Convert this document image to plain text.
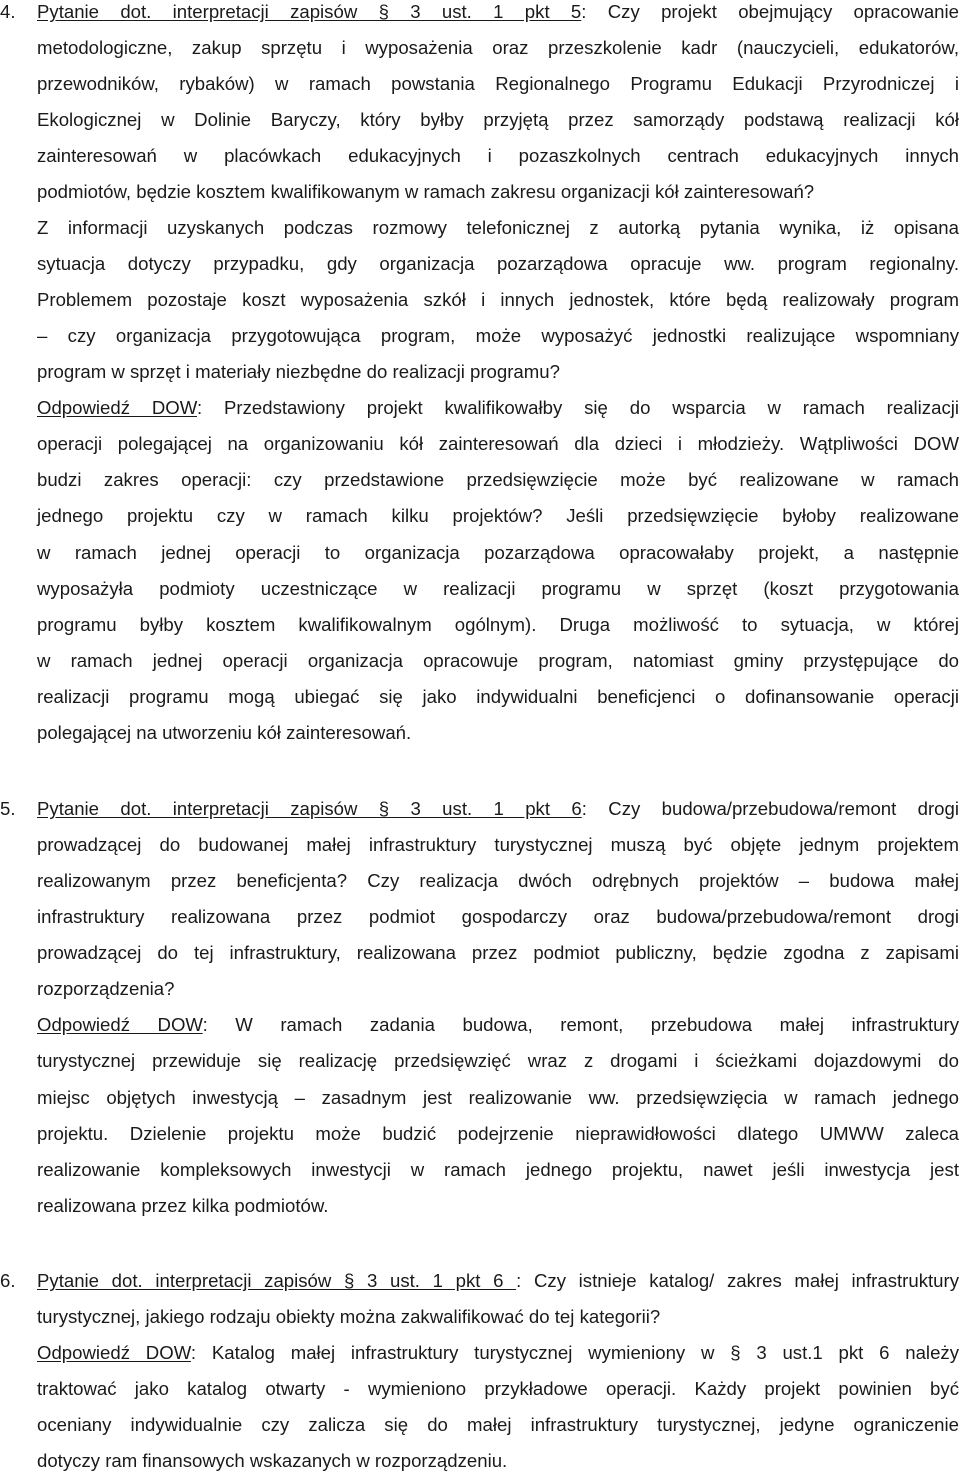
4.	Pytanie dot. interpretacji zapisów § 3 ust. 1 pkt 5: Czy projekt obejmujący opracowanie
metodologiczne, zakup sprzętu i wyposażenia oraz przeszkolenie kadr (nauczycieli, edukatorów,
przewodników, rybaków) w ramach powstania Regionalnego Programu Edukacji Przyrodniczej i
Ekologicznej w Dolinie Baryczy, który byłby przyjętą przez samorządy podstawą realizacji kół
zainteresowań w placówkach edukacyjnych i pozaszkolnych centrach edukacyjnych innych
podmiotów, będzie kosztem kwalifikowanym w ramach zakresu organizacji kół zainteresowań?
Z informacji uzyskanych podczas rozmowy telefonicznej z autorką pytania wynika, iż opisana
sytuacja dotyczy przypadku, gdy organizacja pozarządowa opracuje ww. program regionalny.
Problemem pozostaje koszt wyposażenia szkół i innych jednostek, które będą realizowały program
– czy organizacja przygotowująca program, może wyposażyć jednostki realizujące wspomniany
program w sprzęt i materiały niezbędne do realizacji programu?
Odpowiedź DOW: Przedstawiony projekt kwalifikowałby się do wsparcia w ramach realizacji
operacji polegającej na organizowaniu kół zainteresowań dla dzieci i młodzieży. Wątpliwości DOW
budzi zakres operacji: czy przedstawione przedsięwzięcie może być realizowane w ramach
jednego projektu czy w ramach kilku projektów? Jeśli przedsięwzięcie byłoby realizowane
w ramach jednej operacji to organizacja pozarządowa opracowałaby projekt, a następnie
wyposażyła podmioty uczestniczące w realizacji programu w sprzęt (koszt przygotowania
programu byłby kosztem kwalifikowalnym ogólnym). Druga możliwość to sytuacja, w której
w ramach jednej operacji organizacja opracowuje program, natomiast gminy przystępujące do
realizacji programu mogą ubiegać się jako indywidualni beneficjenci o dofinansowanie operacji
polegającej na utworzeniu kół zainteresowań.
5.	Pytanie dot. interpretacji zapisów § 3 ust. 1 pkt 6: Czy budowa/przebudowa/remont drogi
prowadzącej do budowanej małej infrastruktury turystycznej muszą być objęte jednym projektem
realizowanym przez beneficjenta? Czy realizacja dwóch odrębnych projektów – budowa małej
infrastruktury realizowana przez podmiot gospodarczy oraz budowa/przebudowa/remont drogi
prowadzącej do tej infrastruktury, realizowana przez podmiot publiczny, będzie zgodna z zapisami
rozporządzenia?
Odpowiedź DOW: W ramach zadania budowa, remont, przebudowa małej infrastruktury
turystycznej przewiduje się realizację przedsięwzięć wraz z drogami i ścieżkami dojazdowymi do
miejsc objętych inwestycją – zasadnym jest realizowanie ww. przedsięwzięcia w ramach jednego
projektu. Dzielenie projektu może budzić podejrzenie nieprawidłowości dlatego UMWW zaleca
realizowanie kompleksowych inwestycji w ramach jednego projektu, nawet jeśli inwestycja jest
realizowana przez kilka podmiotów.
6.	Pytanie dot. interpretacji zapisów § 3 ust. 1 pkt 6 : Czy istnieje katalog/ zakres małej infrastruktury
turystycznej, jakiego rodzaju obiekty można zakwalifikować do tej kategorii?
Odpowiedź DOW: Katalog małej infrastruktury turystycznej wymieniony w § 3 ust.1 pkt 6 należy
traktować jako katalog otwarty - wymieniono przykładowe operacji. Każdy projekt powinien być
oceniany indywidualnie czy zalicza się do małej infrastruktury turystycznej, jedyne ograniczenie
dotyczy ram finansowych wskazanych w rozporządzeniu.
